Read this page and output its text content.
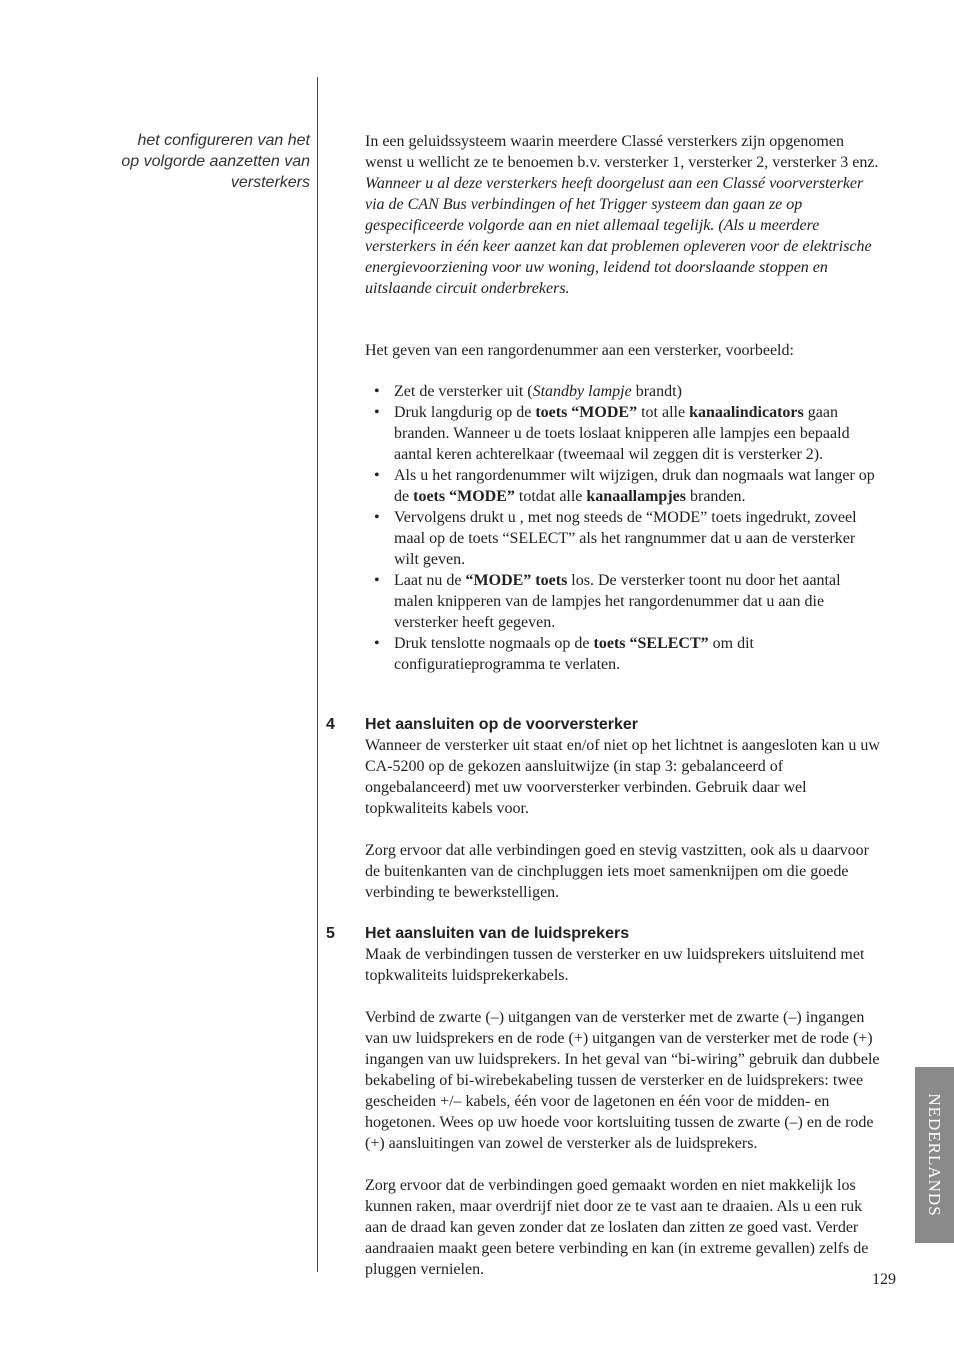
het configureren van het
op volgorde aanzetten van
versterkers

In een geluidssysteem waarin meerdere Classé versterkers zijn opgenomen wenst u wellicht ze te benoemen b.v. versterker 1, versterker 2, versterker 3 enz. Wanneer u al deze versterkers heeft doorgelust aan een Classé voorversterker via de CAN Bus verbindingen of het Trigger systeem dan gaan ze op gespecificeerde volgorde aan en niet allemaal tegelijk. (Als u meerdere versterkers in één keer aanzet kan dat problemen opleveren voor de elektrische energievoorziening voor uw woning, leidend tot doorslaande stoppen en uitslaande circuit onderbrekers.

Het geven van een rangordenummer aan een versterker, voorbeeld:

• Zet de versterker uit (Standby lampje brandt)
• Druk langdurig op de toets “MODE” tot alle kanaalindicators gaan branden. Wanneer u de toets loslaat knipperen alle lampjes een bepaald aantal keren achterelkaar (tweemaal wil zeggen dit is versterker 2).
• Als u het rangordenummer wilt wijzigen, druk dan nogmaals wat langer op de toets “MODE” totdat alle kanaallampjes branden.
• Vervolgens drukt u , met nog steeds de “MODE” toets ingedrukt, zoveel maal op de toets “SELECT” als het rangnummer dat u aan de versterker wilt geven.
• Laat nu de “MODE” toets los. De versterker toont nu door het aantal malen knipperen van de lampjes het rangordenummer dat u aan die versterker heeft gegeven.
• Druk tenslotte nogmaals op de toets “SELECT” om dit configuratieprogramma te verlaten.
4 Het aansluiten op de voorversterker

Wanneer de versterker uit staat en/of niet op het lichtnet is aangesloten kan u uw CA-5200 op de gekozen aansluitwijze (in stap 3: gebalanceerd of ongebalanceerd) met uw voorversterker verbinden. Gebruik daar wel topkwaliteits kabels voor.

Zorg ervoor dat alle verbindingen goed en stevig vastzitten, ook als u daarvoor de buitenkanten van de cinchpluggen iets moet samenknijpen om die goede verbinding te bewerkstelligen.

5 Het aansluiten van de luidsprekers

Maak de verbindingen tussen de versterker en uw luidsprekers uitsluitend met topkwaliteits luidsprekerkabels.

Verbind de zwarte (–) uitgangen van de versterker met de zwarte (–) ingangen van uw luidsprekers en de rode (+) uitgangen van de versterker met de rode (+) ingangen van uw luidsprekers. In het geval van “bi-wiring” gebruik dan dubbele bekabeling of bi-wirebekabeling tussen de versterker en de luidsprekers: twee gescheiden +/– kabels, één voor de lagetonen en één voor de midden- en hogetonen. Wees op uw hoede voor kortsluiting tussen de zwarte (–) en de rode (+) aansluitingen van zowel de versterker als de luidsprekers.

Zorg ervoor dat de verbindingen goed gemaakt worden en niet makkelijk los kunnen raken, maar overdrijf niet door ze te vast aan te draaien. Als u een ruk aan de draad kan geven zonder dat ze loslaten dan zitten ze goed vast. Verder aandraaien maakt geen betere verbinding en kan (in extreme gevallen) zelfs de pluggen vernielen.

NEDERLANDS
129
